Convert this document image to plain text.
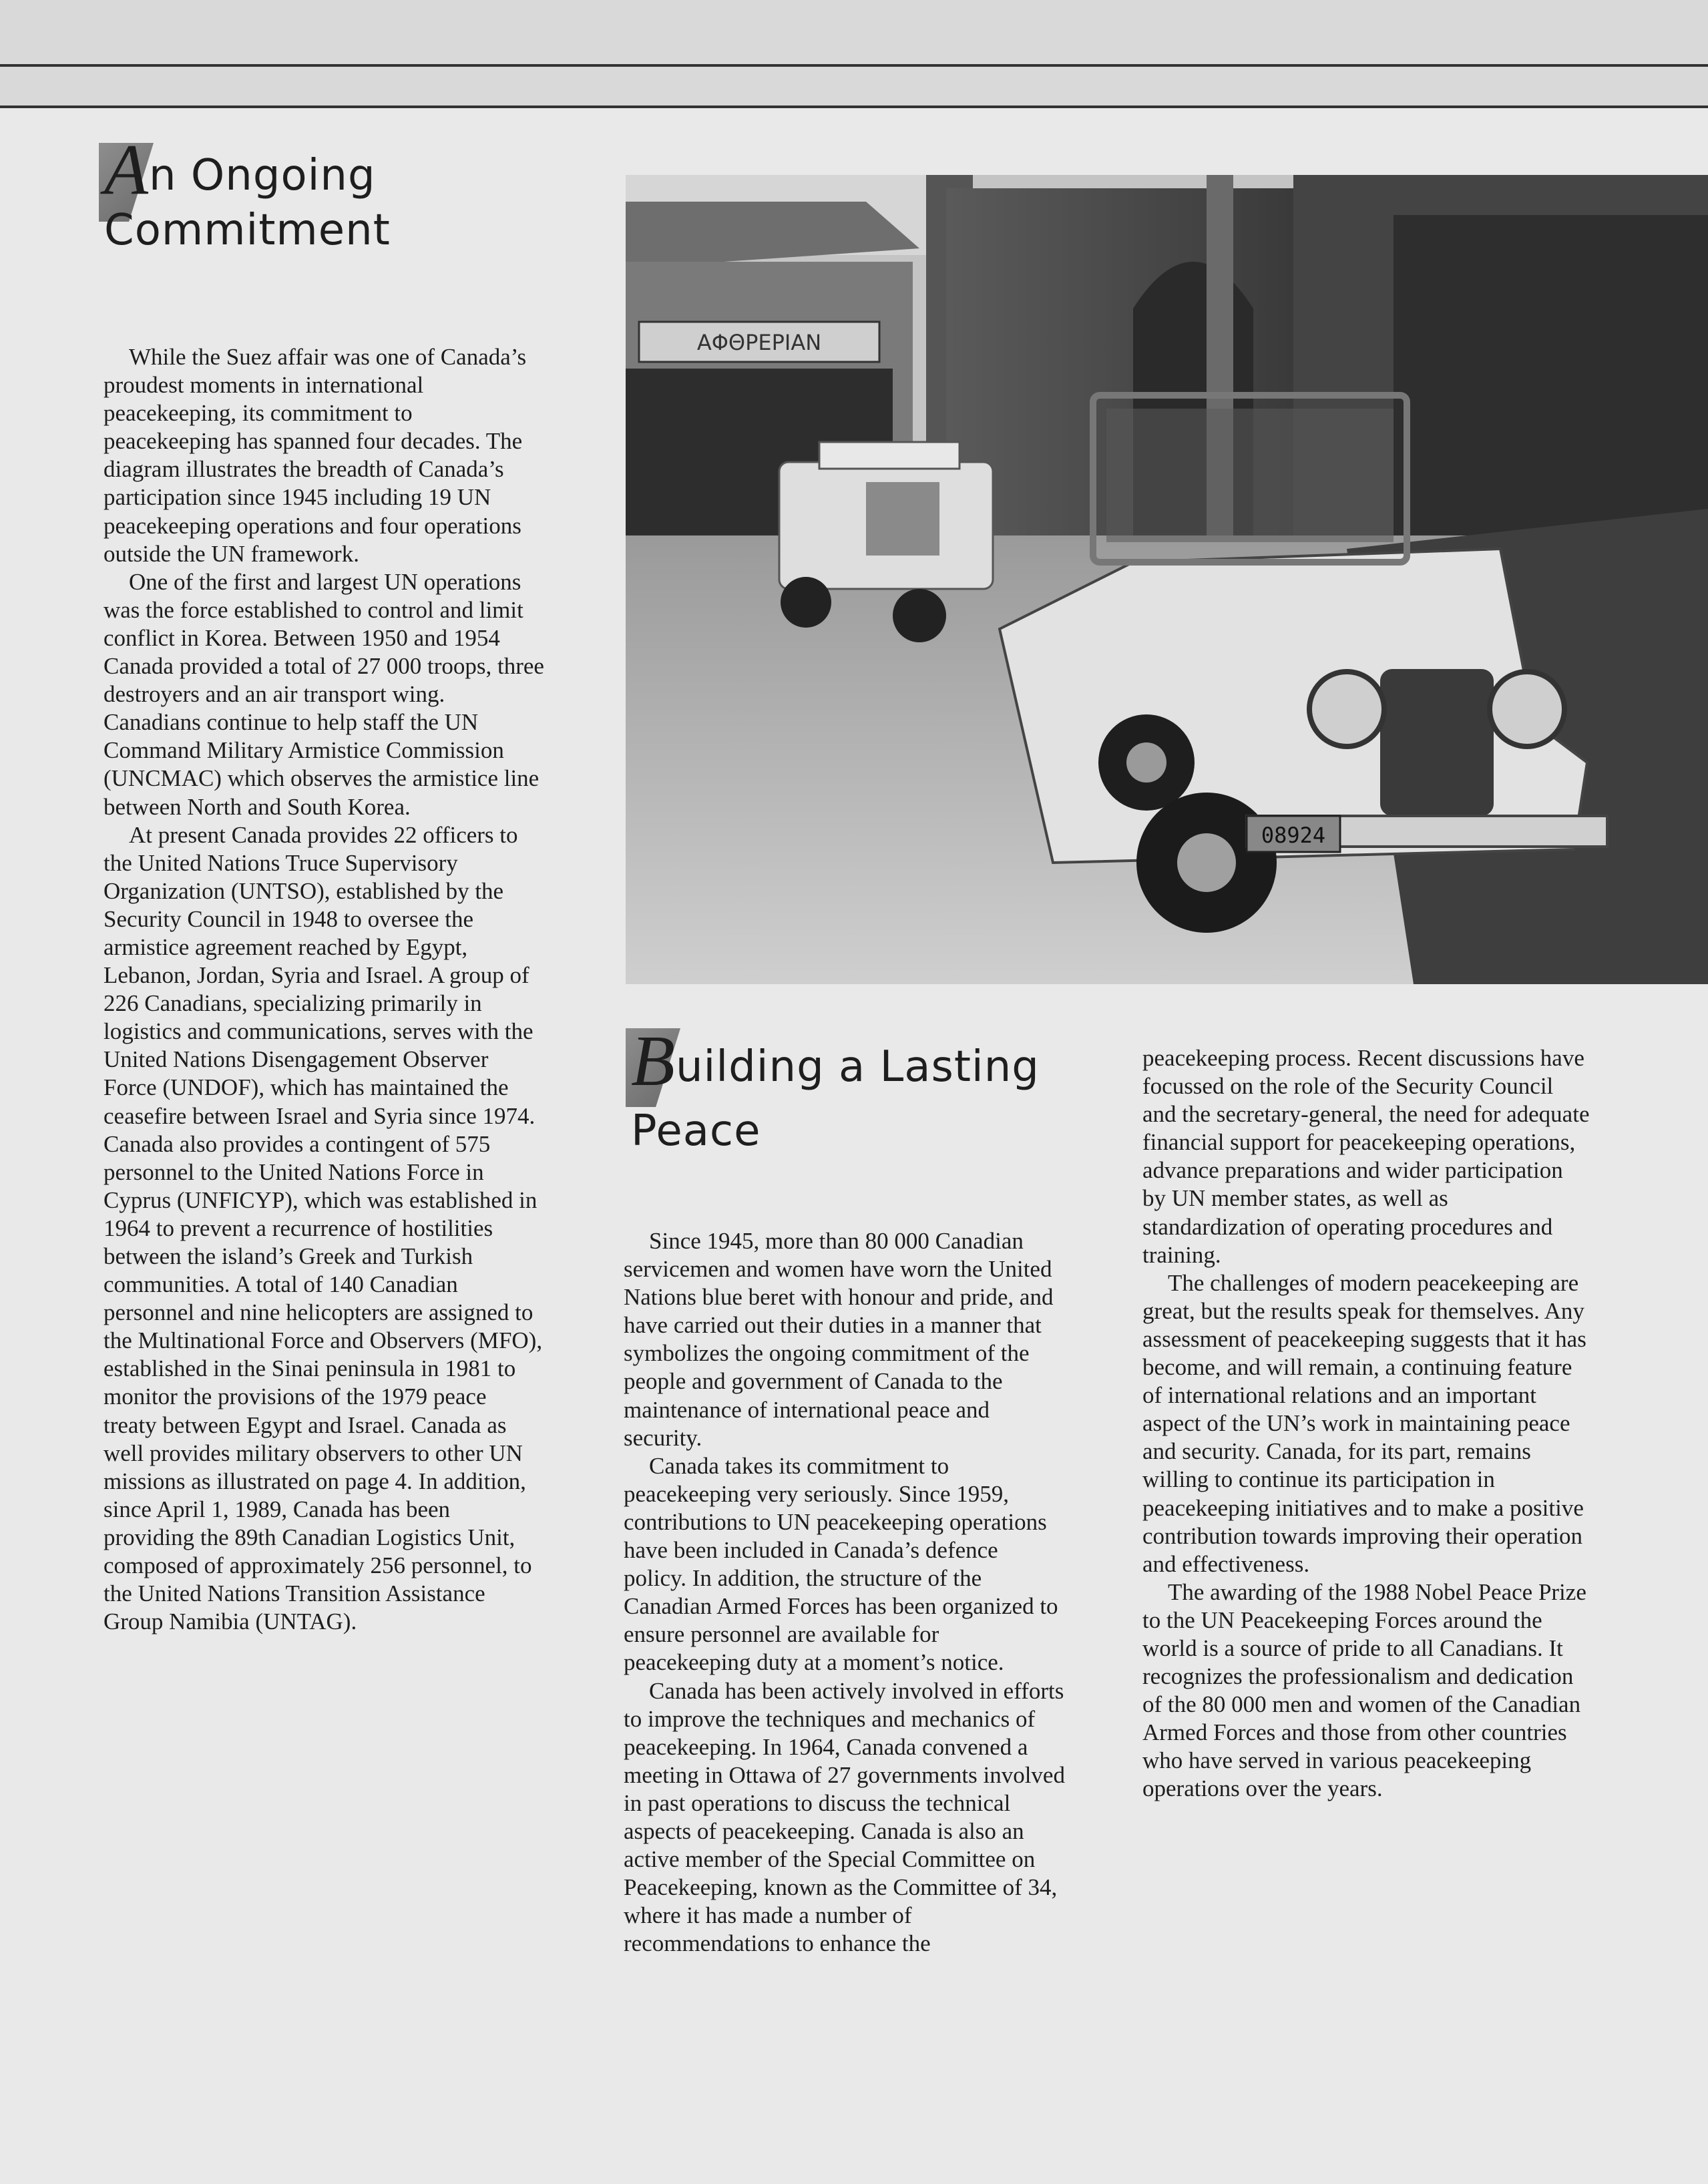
An Ongoing
Commitment

While the Suez affair was one of Canada’s proudest moments in international peacekeeping, its commitment to peacekeeping has spanned four decades. The diagram illustrates the breadth of Canada’s participation since 1945 including 19 UN peacekeeping operations and four operations outside the UN framework.

One of the first and largest UN operations was the force established to control and limit conflict in Korea. Between 1950 and 1954 Canada provided a total of 27 000 troops, three destroyers and an air transport wing. Canadians continue to help staff the UN Command Military Armistice Commission (UNCMAC) which observes the armistice line between North and South Korea.

At present Canada provides 22 officers to the United Nations Truce Supervisory Organization (UNTSO), established by the Security Council in 1948 to oversee the armistice agreement reached by Egypt, Lebanon, Jordan, Syria and Israel. A group of 226 Canadians, specializing primarily in logistics and communications, serves with the United Nations Disengagement Observer Force (UNDOF), which has maintained the ceasefire between Israel and Syria since 1974. Canada also provides a contingent of 575 personnel to the United Nations Force in Cyprus (UNFICYP), which was established in 1964 to prevent a recurrence of hostilities between the island’s Greek and Turkish communities. A total of 140 Canadian personnel and nine helicopters are assigned to the Multinational Force and Observers (MFO), established in the Sinai peninsula in 1981 to monitor the provisions of the 1979 peace treaty between Egypt and Israel. Canada as well provides military observers to other UN missions as illustrated on page 4. In addition, since April 1, 1989, Canada has been providing the 89th Canadian Logistics Unit, composed of approximately 256 personnel, to the United Nations Transition Assistance Group Namibia (UNTAG).

ΑΦΘΡΕΡΙΑΝ
08924
Building a Lasting
Peace

Since 1945, more than 80 000 Canadian servicemen and women have worn the United Nations blue beret with honour and pride, and have carried out their duties in a manner that symbolizes the ongoing commitment of the people and government of Canada to the maintenance of international peace and security.

Canada takes its commitment to peacekeeping very seriously. Since 1959, contributions to UN peacekeeping operations have been included in Canada’s defence policy. In addition, the structure of the Canadian Armed Forces has been organized to ensure personnel are available for peacekeeping duty at a moment’s notice.

Canada has been actively involved in efforts to improve the techniques and mechanics of peacekeeping. In 1964, Canada convened a meeting in Ottawa of 27 governments involved in past operations to discuss the technical aspects of peacekeeping. Canada is also an active member of the Special Committee on Peacekeeping, known as the Committee of 34, where it has made a number of recommendations to enhance the

peacekeeping process. Recent discussions have focussed on the role of the Security Council and the secretary-general, the need for adequate financial support for peacekeeping operations, advance preparations and wider participation by UN member states, as well as standardization of operating procedures and training.

The challenges of modern peacekeeping are great, but the results speak for themselves. Any assessment of peacekeeping suggests that it has become, and will remain, a continuing feature of international relations and an important aspect of the UN’s work in maintaining peace and security. Canada, for its part, remains willing to continue its participation in peacekeeping initiatives and to make a positive contribution towards improving their operation and effectiveness.

The awarding of the 1988 Nobel Peace Prize to the UN Peacekeeping Forces around the world is a source of pride to all Canadians. It recognizes the professionalism and dedication of the 80 000 men and women of the Canadian Armed Forces and those from other countries who have served in various peacekeeping operations over the years.
